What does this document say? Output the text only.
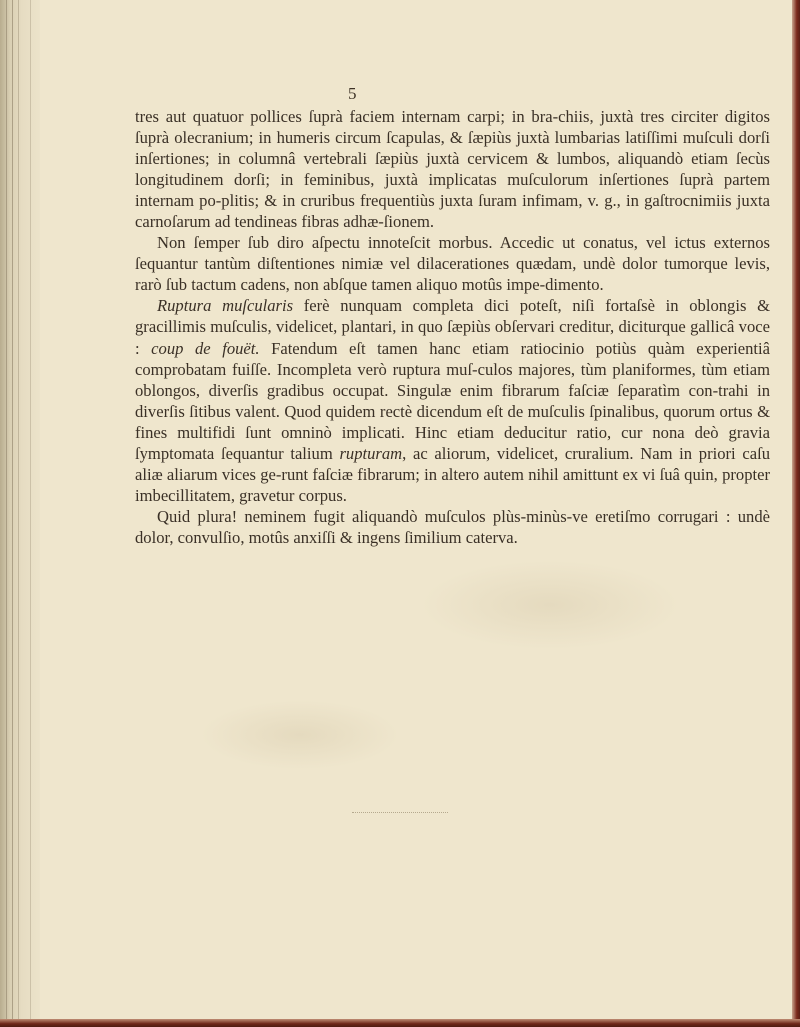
5

tres aut quatuor pollices ſuprà faciem internam carpi; in bra-chiis, juxtà tres circiter digitos ſuprà olecranium; in humeris circum ſcapulas, & ſæpiùs juxtà lumbarias latiſſimi muſculi dorſi inſertiones; in columnâ vertebrali ſæpiùs juxtà cervicem & lumbos, aliquandò etiam ſecùs longitudinem dorſi; in feminibus, juxtà implicatas muſculorum inſertiones ſuprà partem internam po-plitis; & in cruribus frequentiùs juxta ſuram infimam, v. g., in gaſtrocnimiis juxta carnoſarum ad tendineas fibras adhæ-ſionem.

Non ſemper ſub diro aſpectu innoteſcit morbus. Accedic ut conatus, vel ictus externos ſequantur tantùm diſtentiones nimiæ vel dilacerationes quædam, undè dolor tumorque levis, rarò ſub tactum cadens, non abſque tamen aliquo motûs impe-dimento.

Ruptura muſcularis ferè nunquam completa dici poteſt, niſi fortaſsè in oblongis & gracillimis muſculis, videlicet, plantari, in quo ſæpiùs obſervari creditur, diciturque gallicâ voce : coup de fouët. Fatendum eſt tamen hanc etiam ratiocinio potiùs quàm experientiâ comprobatam fuiſſe. Incompleta verò ruptura muſ-culos majores, tùm planiformes, tùm etiam oblongos, diverſis gradibus occupat. Singulæ enim fibrarum faſciæ ſeparatìm con-trahi in diverſis ſitibus valent. Quod quidem rectè dicendum eſt de muſculis ſpinalibus, quorum ortus & fines multifidi ſunt omninò implicati. Hinc etiam deducitur ratio, cur nona deò gravia ſymptomata ſequantur talium rupturam, ac aliorum, videlicet, cruralium. Nam in priori caſu aliæ aliarum vices ge-runt faſciæ fibrarum; in altero autem nihil amittunt ex vi ſuâ quin, propter imbecillitatem, gravetur corpus.

Quid plura! neminem fugit aliquandò muſculos plùs-minùs-ve eretiſmo corrugari : undè dolor, convulſio, motûs anxiſſi & ingens ſimilium caterva.
